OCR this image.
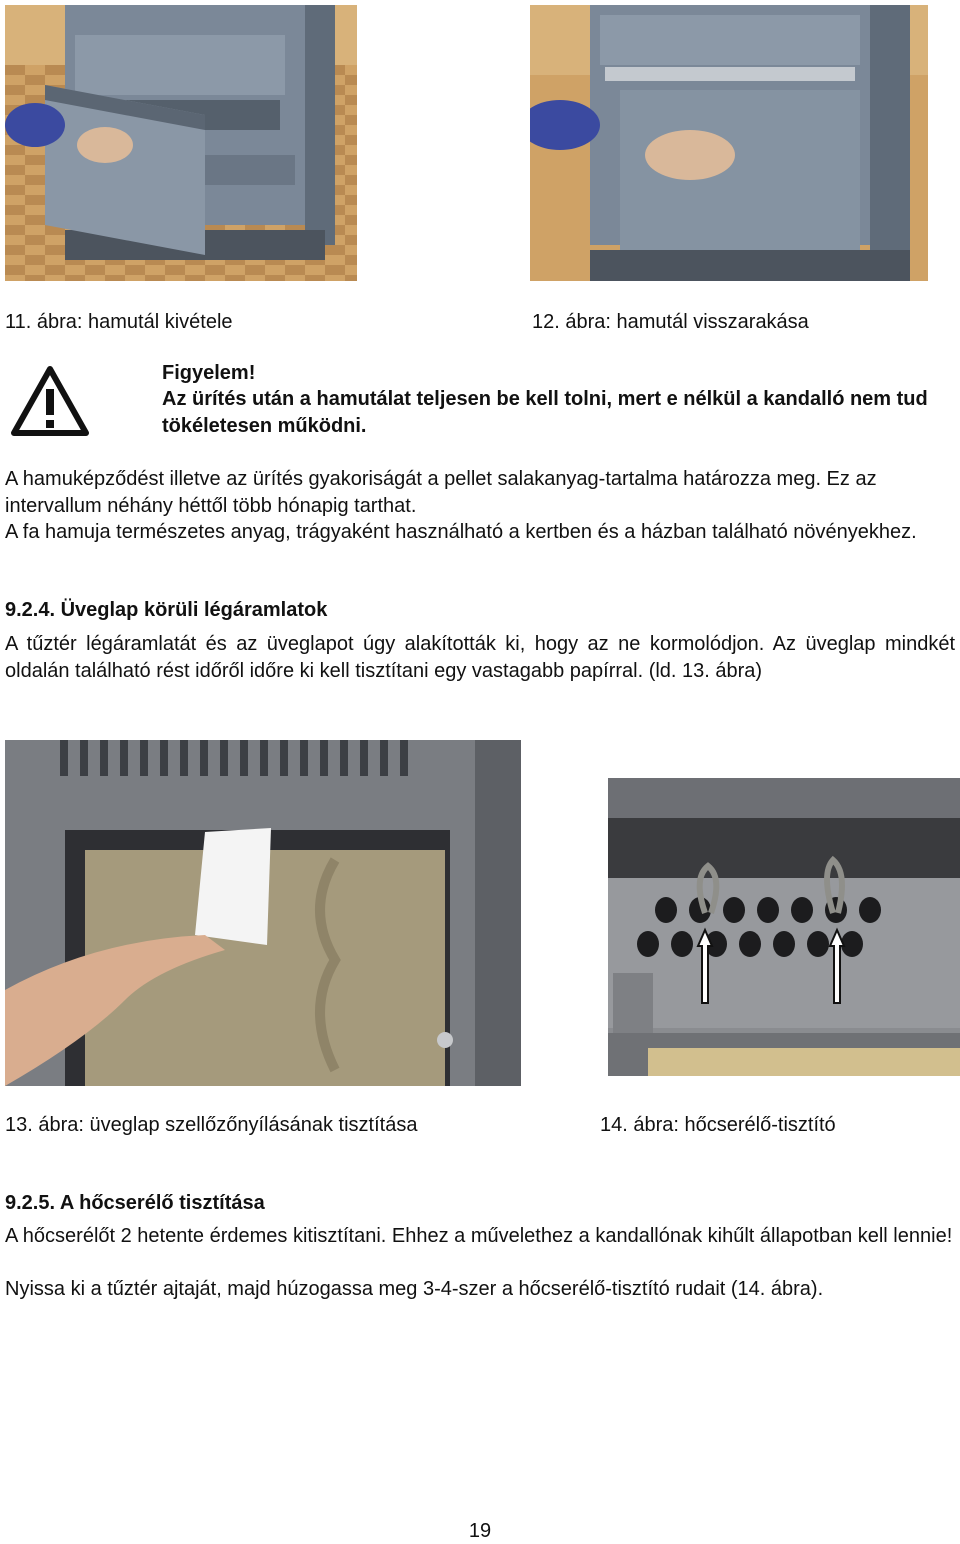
11. ábra: hamutál kivétele	12. ábra: hamutál visszarakása
Figyelem!
Az ürítés után a hamutálat teljesen be kell tolni, mert e nélkül a kandalló nem tud tökéletesen működni.
A hamuképződést illetve az ürítés gyakoriságát a pellet salakanyag-tartalma határozza meg. Ez az intervallum néhány héttől több hónapig tarthat.
A fa hamuja természetes anyag, trágyaként használható a kertben és a házban található növényekhez.
9.2.4. Üveglap körüli légáramlatok
A tűztér légáramlatát és az üveglapot úgy alakították ki, hogy az ne kormolódjon. Az üveglap mindkét oldalán található rést időről időre ki kell tisztítani egy vastagabb papírral. (ld. 13. ábra)
13. ábra: üveglap szellőzőnyílásának tisztítása	14. ábra: hőcserélő-tisztító
9.2.5. A hőcserélő tisztítása
A hőcserélőt 2 hetente érdemes kitisztítani. Ehhez a művelethez a kandallónak kihűlt állapotban kell lennie!
Nyissa ki a tűztér ajtaját, majd húzogassa meg 3-4-szer a hőcserélő-tisztító rudait (14. ábra).
19
